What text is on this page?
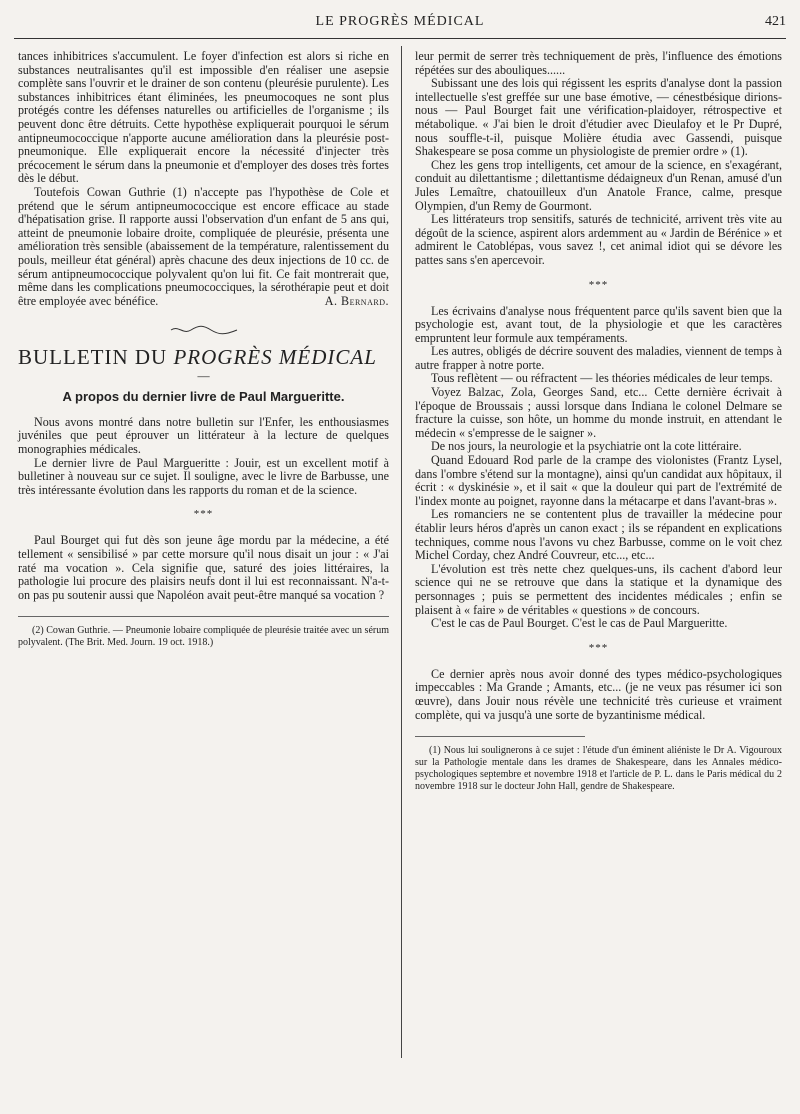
LE PROGRÈS MÉDICAL	421

tances inhibitrices s'accumulent. Le foyer d'infection est alors si riche en substances neutralisantes qu'il est impossible d'en réaliser une asepsie complète sans l'ouvrir et le drainer de son contenu (pleurésie purulente). Les substances inhibitrices étant éliminées, les pneumocoques ne sont plus protégés contre les défenses naturelles ou artificielles de l'organisme ; ils peuvent donc être détruits. Cette hypothèse expliquerait pourquoi le sérum antipneumococcique n'apporte aucune amélioration dans la pleurésie post-pneumonique. Elle expliquerait encore la nécessité d'injecter très précocement le sérum dans la pneumonie et d'employer des doses très fortes dès le début.

Toutefois Cowan Guthrie (1) n'accepte pas l'hypothèse de Cole et prétend que le sérum antipneumococcique est encore efficace au stade d'hépatisation grise. Il rapporte aussi l'observation d'un enfant de 5 ans qui, atteint de pneumonie lobaire droite, compliquée de pleurésie, présenta une amélioration très sensible (abaissement de la température, ralentissement du pouls, meilleur état général) après chacune des deux injections de 10 cc. de sérum antipneumococcique polyvalent qu'on lui fit. Ce fait montrerait que, même dans les complications pneumococciques, la sérothérapie peut et doit être employée avec bénéfice.	A. Bernard.
BULLETIN DU PROGRÈS MÉDICAL
—
A propos du dernier livre de Paul Margueritte.

Nous avons montré dans notre bulletin sur l'Enfer, les enthousiasmes juvéniles que peut éprouver un littérateur à la lecture de quelques monographies médicales.

Le dernier livre de Paul Margueritte : Jouir, est un excellent motif à bulletiner à nouveau sur ce sujet. Il souligne, avec le livre de Barbusse, une très intéressante évolution dans les rapports du roman et de la science.

***

Paul Bourget qui fut dès son jeune âge mordu par la médecine, a été tellement « sensibilisé » par cette morsure qu'il nous disait un jour : « J'ai raté ma vocation ». Cela signifie que, saturé des joies littéraires, la pathologie lui procure des plaisirs neufs dont il lui est reconnaissant. N'a-t-on pas pu soutenir aussi que Napoléon avait peut-être manqué sa vocation ?

(2) Cowan Guthrie. — Pneumonie lobaire compliquée de pleurésie traitée avec un sérum polyvalent. (The Brit. Med. Journ. 19 oct. 1918.)

leur permit de serrer très techniquement de près, l'influence des émotions répétées sur des abouliques......

Subissant une des lois qui régissent les esprits d'analyse dont la passion intellectuelle s'est greffée sur une base émotive, — cénestbésique dirions-nous — Paul Bourget fait une vérification-plaidoyer, rétrospective et métabolique. « J'ai bien le droit d'étudier avec Dieulafoy et le Pr Dupré, nous souffle-t-il, puisque Molière étudia avec Gassendi, puisque Shakespeare se posa comme un physiologiste de premier ordre » (1).

Chez les gens trop intelligents, cet amour de la science, en s'exagérant, conduit au dilettantisme ; dilettantisme dédaigneux d'un Renan, amusé d'un Jules Lemaître, chatouilleux d'un Anatole France, calme, presque Olympien, d'un Remy de Gourmont.

Les littérateurs trop sensitifs, saturés de technicité, arrivent très vite au dégoût de la science, aspirent alors ardemment au « Jardin de Bérénice » et admirent le Catoblépas, vous savez !, cet animal idiot qui se dévore les pattes sans s'en apercevoir.

***

Les écrivains d'analyse nous fréquentent parce qu'ils savent bien que la psychologie est, avant tout, de la physiologie et que les caractères empruntent leur formule aux tempéraments.

Les autres, obligés de décrire souvent des maladies, viennent de temps à autre frapper à notre porte.

Tous reflètent — ou réfractent — les théories médicales de leur temps.

Voyez Balzac, Zola, Georges Sand, etc... Cette dernière écrivait à l'époque de Broussais ; aussi lorsque dans Indiana le colonel Delmare se fracture la cuisse, son hôte, un homme du monde instruit, en attendant le médecin « s'empresse de le saigner ».

De nos jours, la neurologie et la psychiatrie ont la cote littéraire.

Quand Edouard Rod parle de la crampe des violonistes (Frantz Lysel, dans l'ombre s'étend sur la montagne), ainsi qu'un candidat aux hôpitaux, il écrit : « dyskinésie », et il sait « que la douleur qui part de l'extrémité de l'index monte au poignet, rayonne dans la métacarpe et dans l'avant-bras ».

Les romanciers ne se contentent plus de travailler la médecine pour établir leurs héros d'après un canon exact ; ils se répandent en explications techniques, comme nous l'avons vu chez Barbusse, comme on le voit chez Michel Corday, chez André Couvreur, etc..., etc...

L'évolution est très nette chez quelques-uns, ils cachent d'abord leur science qui ne se retrouve que dans la statique et la dynamique des personnages ; puis se permettent des incidentes médicales ; enfin se plaisent à « faire » de véritables « questions » de concours.

C'est le cas de Paul Bourget. C'est le cas de Paul Margueritte.

***

Ce dernier après nous avoir donné des types médico-psychologiques impeccables : Ma Grande ; Amants, etc... (je ne veux pas résumer ici son œuvre), dans Jouir nous révèle une technicité très curieuse et vraiment complète, qui va jusqu'à une sorte de byzantinisme médical.

(1) Nous lui soulignerons à ce sujet : l'étude d'un éminent aliéniste le Dr A. Vigouroux sur la Pathologie mentale dans les drames de Shakespeare, dans les Annales médico-psychologiques septembre et novembre 1918 et l'article de P. L. dans le Paris médical du 2 novembre 1918 sur le docteur John Hall, gendre de Shakespeare.
